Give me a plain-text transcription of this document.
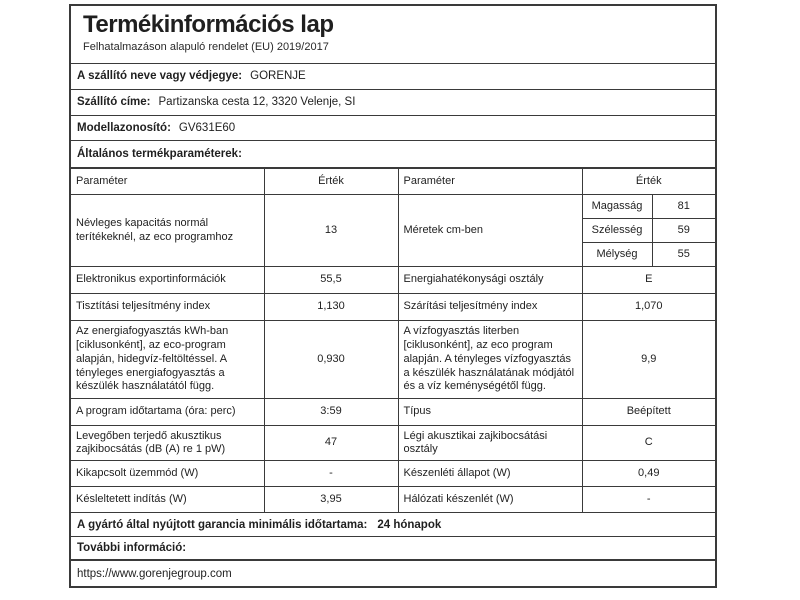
Termékinformációs lap
Felhatalmazáson alapuló rendelet (EU) 2019/2017
A szállító neve vagy védjegye: GORENJE
Szállító címe: Partizanska cesta 12, 3320 Velenje, SI
Modellazonosító: GV631E60
Általános termékparaméterek:
Paraméter	Érték	Paraméter	Érték	
Névleges kapacitás normál terítékeknél, az eco programhoz	13	Méretek cm-ben	Magasság	81
			Szélesség	59
			Mélység	55
Elektronikus exportinformációk	55,5	Energiahatékonysági osztály	E	
Tisztítási teljesítmény index	1,130	Szárítási teljesítmény index	1,070	
Az energiafogyasztás kWh-ban [ciklusonként], az eco-program alapján, hidegvíz-feltöltéssel. A tényleges energiafogyasztás a készülék használatától függ.	0,930	A vízfogyasztás literben [ciklusonként], az eco program alapján. A tényleges vízfogyasztás a készülék használatának módjától és a víz keménységétől függ.	9,9	
A program időtartama (óra: perc)	3:59	Típus	Beépített	
Levegőben terjedő akusztikus zajkibocsátás (dB (A) re 1 pW)	47	Légi akusztikai zajkibocsátási osztály	C	
Kikapcsolt üzemmód (W)	-	Készenléti állapot (W)	0,49	
Késleltetett indítás (W)	3,95	Hálózati készenlét (W)	-	
A gyártó által nyújtott garancia minimális időtartama: 24 hónapok
További információ:
https://www.gorenjegroup.com
